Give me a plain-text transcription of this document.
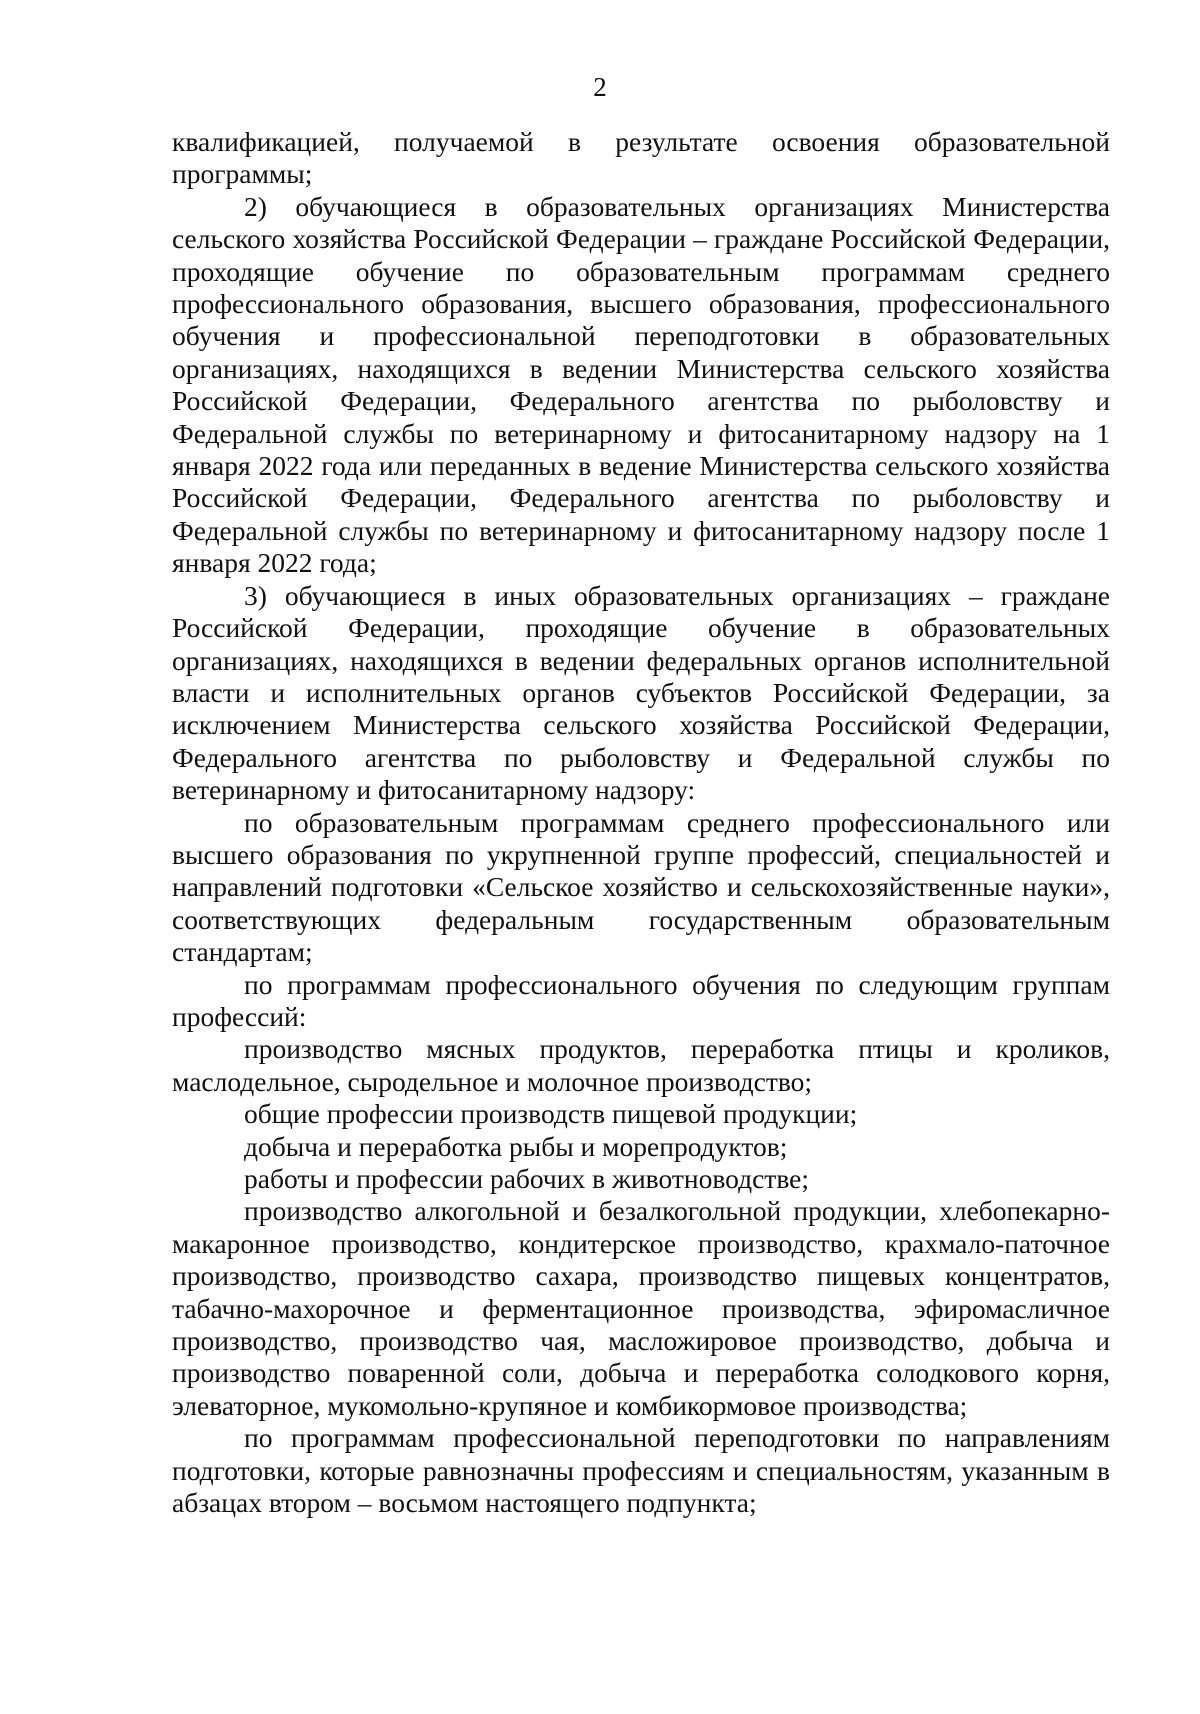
2

квалификацией, получаемой в результате освоения образовательной программы;

2) обучающиеся в образовательных организациях Министерства сельского хозяйства Российской Федерации – граждане Российской Федерации, проходящие обучение по образовательным программам среднего профессионального образования, высшего образования, профессионального обучения и профессиональной переподготовки в образовательных организациях, находящихся в ведении Министерства сельского хозяйства Российской Федерации, Федерального агентства по рыболовству и Федеральной службы по ветеринарному и фитосанитарному надзору на 1 января 2022 года или переданных в ведение Министерства сельского хозяйства Российской Федерации, Федерального агентства по рыболовству и Федеральной службы по ветеринарному и фитосанитарному надзору после 1 января 2022 года;

3) обучающиеся в иных образовательных организациях – граждане Российской Федерации, проходящие обучение в образовательных организациях, находящихся в ведении федеральных органов исполнительной власти и исполнительных органов субъектов Российской Федерации, за исключением Министерства сельского хозяйства Российской Федерации, Федерального агентства по рыболовству и Федеральной службы по ветеринарному и фитосанитарному надзору:

по образовательным программам среднего профессионального или высшего образования по укрупненной группе профессий, специальностей и направлений подготовки «Сельское хозяйство и сельскохозяйственные науки», соответствующих федеральным государственным образовательным стандартам;

по программам профессионального обучения по следующим группам профессий:

производство мясных продуктов, переработка птицы и кроликов, маслодельное, сыродельное и молочное производство;

общие профессии производств пищевой продукции;

добыча и переработка рыбы и морепродуктов;

работы и профессии рабочих в животноводстве;

производство алкогольной и безалкогольной продукции, хлебопекарно-макаронное производство, кондитерское производство, крахмало-паточное производство, производство сахара, производство пищевых концентратов, табачно-махорочное и ферментационное производства, эфиромасличное производство, производство чая, масложировое производство, добыча и производство поваренной соли, добыча и переработка солодкового корня, элеваторное, мукомольно-крупяное и комбикормовое производства;

по программам профессиональной переподготовки по направлениям подготовки, которые равнозначны профессиям и специальностям, указанным в абзацах втором – восьмом настоящего подпункта;
